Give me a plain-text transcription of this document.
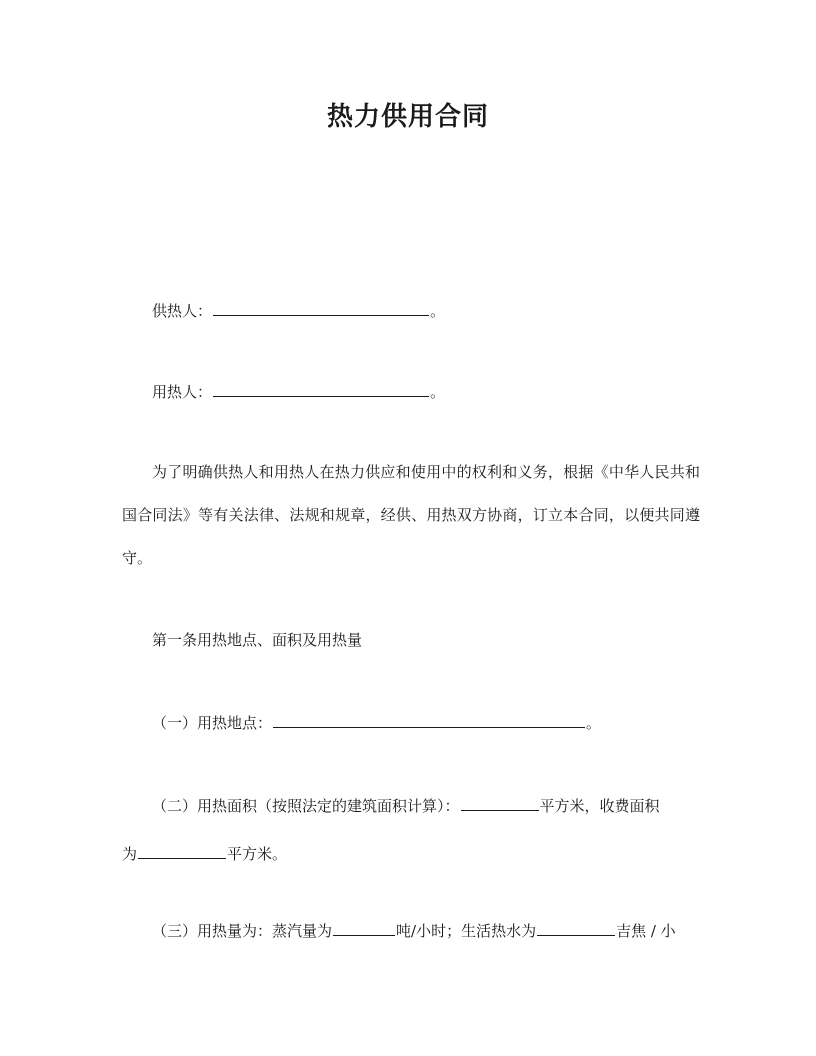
热力供用合同

供热人：	。

用热人：	。

为了明确供热人和用热人在热力供应和使用中的权利和义务，根据《中华人民共和国合同法》等有关法律、法规和规章，经供、用热双方协商，订立本合同，以便共同遵守。

第一条用热地点、面积及用热量

（一）用热地点：	。

（二）用热面积（按照法定的建筑面积计算）：	平方米，收费面积
为	平方米。

（三）用热量为：蒸汽量为	吨/小时；生活热水为	吉焦 / 小
